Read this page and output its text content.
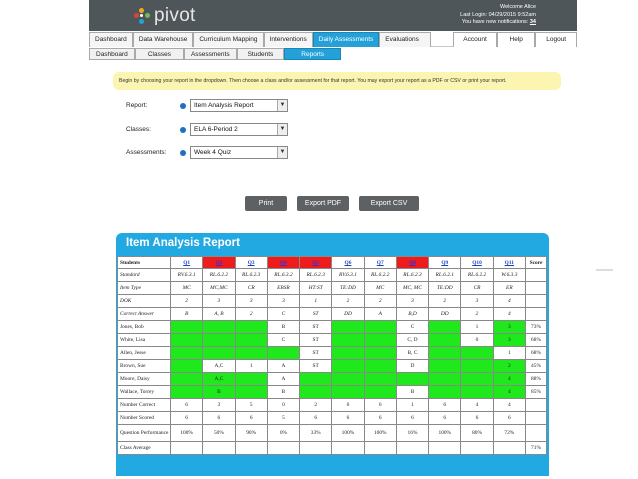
pivot	Welcome Alice
Last Login: 04/29/2015 9:52am
You have new notifications: 34
Dashboard	Data Warehouse	Curriculum Mapping	Interventions	Daily Assessments	Evaluations	Account	Help	Logout
Dashboard	Classes	Assessments	Students	Reports
Begin by choosing your report in the dropdown. Then choose a class and/or assessment for that report. You may export your report as a PDF or CSV or print your report.
Report:	Item Analysis Report	▼
Classes:	ELA 6-Period 2	▼
Assessments:	Week 4 Quiz	▼
Print	Export PDF	Export CSV
Item Analysis Report
Students	Q1	Q2	Q3	Q4	Q5	Q6	Q7	Q8	Q9	Q10	Q11	Score
Standard	RV.6.3.1	RL.6.2.2	RL.6.2.3	RL.6.3.2	RL.6.2.3	RV.6.3.1	RL.6.2.2	RL.6.2.3	RL.6.2.1	RL.6.2.2	W.6.3.3	
Item Type	MC	MC,MC	CR	EBSR	HT:ST	TE:DD	MC	MC, MC	TE:DD	CR	ER	
DOK	2	3	3	3	1	2	2	3	2	3	4	
Correct Answer	B	A, B	2	C	ST	DD	A	B,D	DD	2	4	
Jones, Bob				B	ST			C		1	3	73%
White, Lisa				C	ST			C, D		0	3	68%
Allen, Jesse					ST			B, C			1	68%
Brown, Sue		A,C	1	A	ST			D			2	45%
Moore, Daisy		A,C		A							4	88%
Wallace, Torrey		B		B				B			4	85%
Number Correct	6	3	5	0	2	6	6	1	6	4	4	
Number Scored	6	6	6	5	6	6	6	6	6	6	6	
Question Performance	100%	50%	90%	0%	33%	100%	100%	16%	100%	80%	72%	
Class Average												71%
